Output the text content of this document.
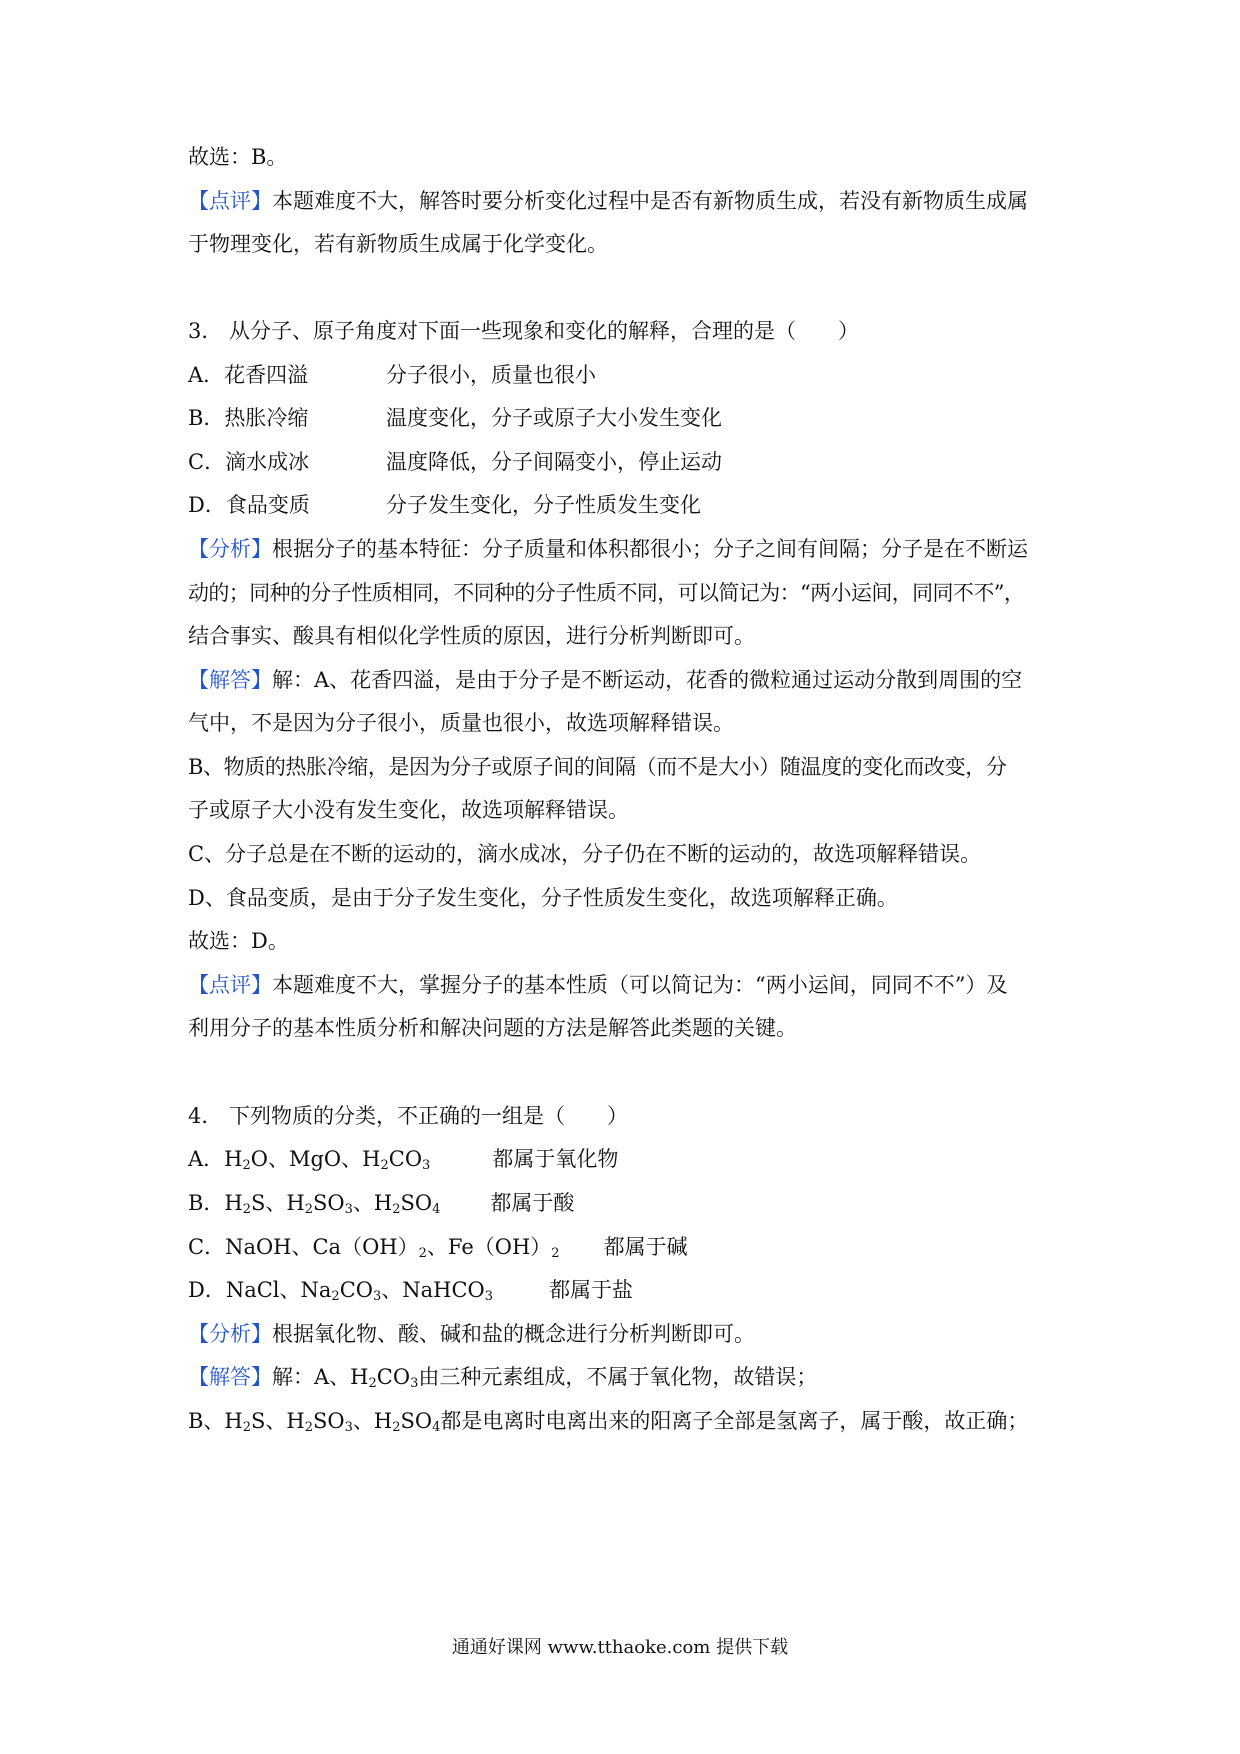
故选：B。
【点评】本题难度不大，解答时要分析变化过程中是否有新物质生成，若没有新物质生成属
于物理变化，若有新物质生成属于化学变化。
3． 从分子、原子角度对下面一些现象和变化的解释，合理的是（　　）
A．花香四溢	分子很小，质量也很小
B．热胀冷缩	温度变化，分子或原子大小发生变化
C．滴水成冰	温度降低，分子间隔变小，停止运动
D．食品变质	分子发生变化，分子性质发生变化
【分析】根据分子的基本特征：分子质量和体积都很小；分子之间有间隔；分子是在不断运
动的；同种的分子性质相同，不同种的分子性质不同，可以简记为：“两小运间，同同不不”，
结合事实、酸具有相似化学性质的原因，进行分析判断即可。
【解答】解：A、花香四溢，是由于分子是不断运动，花香的微粒通过运动分散到周围的空
气中，不是因为分子很小，质量也很小，故选项解释错误。
B、物质的热胀冷缩，是因为分子或原子间的间隔（而不是大小）随温度的变化而改变，分
子或原子大小没有发生变化，故选项解释错误。
C、分子总是在不断的运动的，滴水成冰，分子仍在不断的运动的，故选项解释错误。
D、食品变质，是由于分子发生变化，分子性质发生变化，故选项解释正确。
故选：D。
【点评】本题难度不大，掌握分子的基本性质（可以简记为：“两小运间，同同不不”）及
利用分子的基本性质分析和解决问题的方法是解答此类题的关键。
4． 下列物质的分类，不正确的一组是（　　）
A．$H_2O$、MgO、$H_2CO_3$	都属于氧化物
B．$H_2S$、$H_2SO_3$、$H_2SO_4$ 都属于酸
C．NaOH、$Ca(OH)_2$、$Fe(OH)_2$ 都属于碱
D．NaCl、$Na_2CO_3$、NaHCO$_3$	都属于盐
【分析】根据氧化物、酸、碱和盐的概念进行分析判断即可。
【解答】解：A、$H_2CO_3$由三种元素组成，不属于氧化物，故错误；
B、$H_2S$、$H_2SO_3$、$H_2SO_4$都是电离时电离出来的阳离子全部是氢离子，属于酸，故正确；
通通好课网 www.tthaoke.com 提供下载
